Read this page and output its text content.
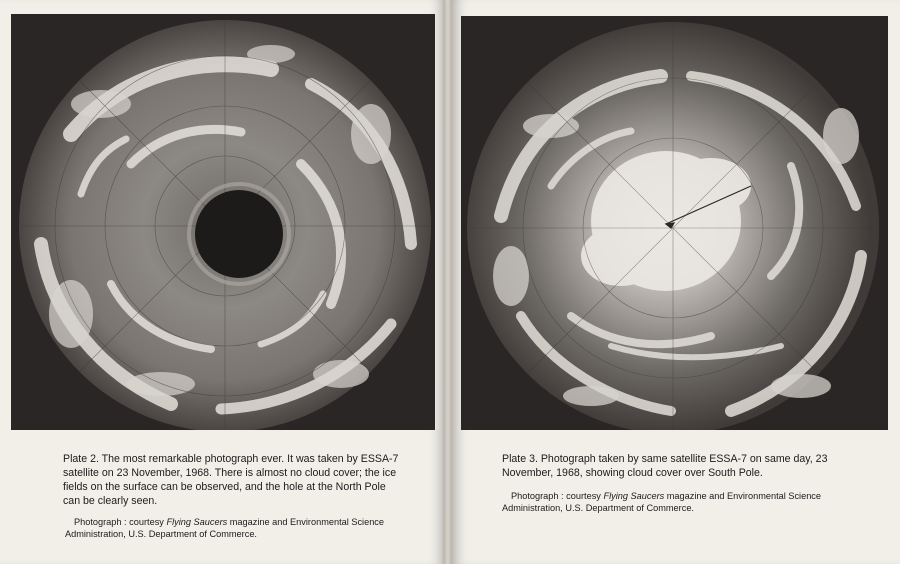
Plate 2. The most remarkable photograph ever. It was taken by ESSA-7 satellite on 23 November, 1968. There is almost no cloud cover; the ice fields on the surface can be observed, and the hole at the North Pole can be clearly seen.
Photograph : courtesy Flying Saucers magazine and Environmental Science Administration, U.S. Department of Commerce.
Plate 3. Photograph taken by same satellite ESSA-7 on same day, 23 November, 1968, showing cloud cover over South Pole.
Photograph : courtesy Flying Saucers magazine and Environmental Science Administration, U.S. Department of Commerce.
